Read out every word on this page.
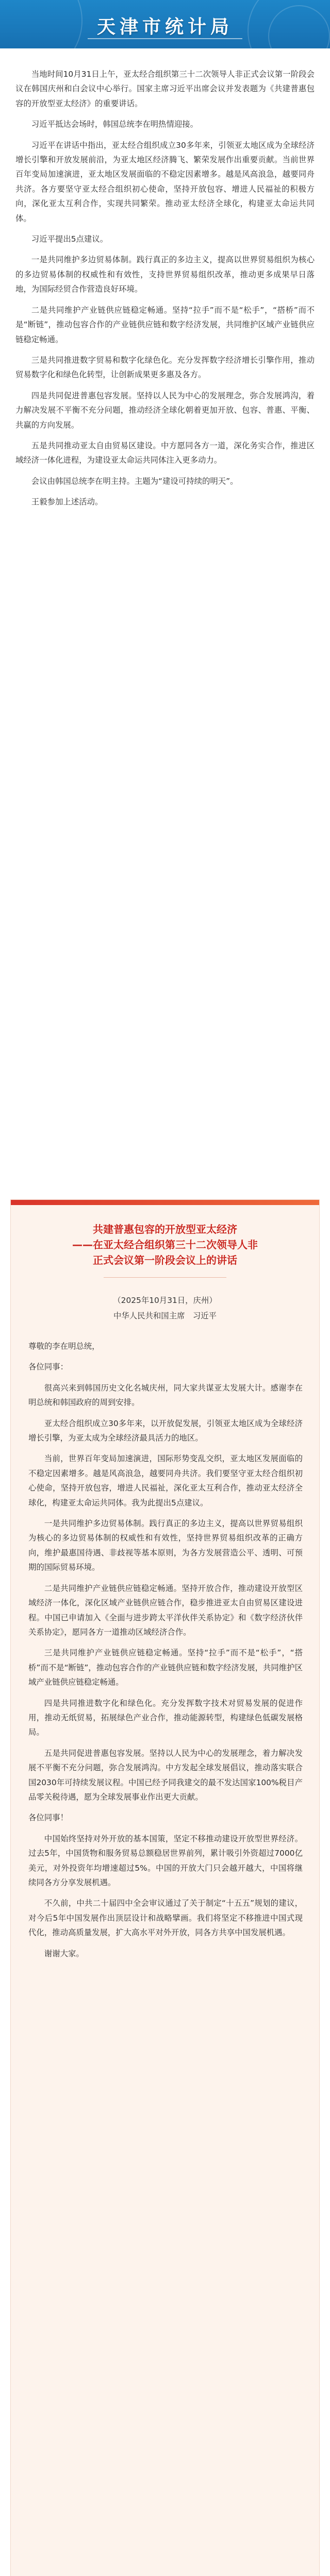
天津市统计局

当地时间10月31日上午，亚太经合组织第三十二次领导人非正式会议第一阶段会议在韩国庆州和白会议中心举行。国家主席习近平出席会议并发表题为《共建普惠包容的开放型亚太经济》的重要讲话。

习近平抵达会场时，韩国总统李在明热情迎接。

习近平在讲话中指出，亚太经合组织成立30多年来，引领亚太地区成为全球经济增长引擎和开放发展前沿，为亚太地区经济腾飞、繁荣发展作出重要贡献。当前世界百年变局加速演进，亚太地区发展面临的不稳定因素增多。越是风高浪急，越要同舟共济。各方要坚守亚太经合组织初心使命，坚持开放包容、增进人民福祉的积极方向，深化亚太互利合作，实现共同繁荣。推动亚太经济全球化，构建亚太命运共同体。

习近平提出5点建议。

一是共同维护多边贸易体制。践行真正的多边主义，提高以世界贸易组织为核心的多边贸易体制的权威性和有效性，支持世界贸易组织改革，推动更多成果早日落地，为国际经贸合作营造良好环境。

二是共同维护产业链供应链稳定畅通。坚持“拉手”而不是“松手”，“搭桥”而不是“断链”，推动包容合作的产业链供应链和数字经济发展，共同维护区域产业链供应链稳定畅通。

三是共同推进数字贸易和数字化绿色化。充分发挥数字经济增长引擎作用，推动贸易数字化和绿色化转型，让创新成果更多惠及各方。

四是共同促进普惠包容发展。坚持以人民为中心的发展理念，弥合发展鸿沟，着力解决发展不平衡不充分问题，推动经济全球化朝着更加开放、包容、普惠、平衡、共赢的方向发展。

五是共同推动亚太自由贸易区建设。中方愿同各方一道，深化务实合作，推进区域经济一体化进程，为建设亚太命运共同体注入更多动力。

会议由韩国总统李在明主持。主题为“建设可持续的明天”。

王毅参加上述活动。

共建普惠包容的开放型亚太经济
——在亚太经合组织第三十二次领导人非
正式会议第一阶段会议上的讲话
（2025年10月31日，庆州）
中华人民共和国主席　习近平

尊敬的李在明总统，

各位同事：

很高兴来到韩国历史文化名城庆州，同大家共谋亚太发展大计。感谢李在明总统和韩国政府的周到安排。

亚太经合组织成立30多年来，以开放促发展，引领亚太地区成为全球经济增长引擎，为亚太成为全球经济最具活力的地区。

当前，世界百年变局加速演进，国际形势变乱交织，亚太地区发展面临的不稳定因素增多。越是风高浪急，越要同舟共济。我们要坚守亚太经合组织初心使命，坚持开放包容，增进人民福祉，深化亚太互利合作，推动亚太经济全球化，构建亚太命运共同体。我为此提出5点建议。

一是共同维护多边贸易体制。践行真正的多边主义，提高以世界贸易组织为核心的多边贸易体制的权威性和有效性，坚持世界贸易组织改革的正确方向，维护最惠国待遇、非歧视等基本原则，为各方发展营造公平、透明、可预期的国际贸易环境。

二是共同维护产业链供应链稳定畅通。坚持开放合作，推动建设开放型区域经济一体化，深化区域产业链供应链合作，稳步推进亚太自由贸易区建设进程。中国已申请加入《全面与进步跨太平洋伙伴关系协定》和《数字经济伙伴关系协定》，愿同各方一道推动区域经济合作。

三是共同维护产业链供应链稳定畅通。坚持“拉手”而不是“松手”，“搭桥”而不是“断链”，推动包容合作的产业链供应链和数字经济发展，共同维护区域产业链供应链稳定畅通。

四是共同推进数字化和绿色化。充分发挥数字技术对贸易发展的促进作用，推动无纸贸易，拓展绿色产业合作，推动能源转型，构建绿色低碳发展格局。

五是共同促进普惠包容发展。坚持以人民为中心的发展理念，着力解决发展不平衡不充分问题，弥合发展鸿沟。中方发起全球发展倡议，推动落实联合国2030年可持续发展议程。中国已经予同我建交的最不发达国家100%税目产品零关税待遇，愿为全球发展事业作出更大贡献。

各位同事！

中国始终坚持对外开放的基本国策，坚定不移推动建设开放型世界经济。过去5年，中国货物和服务贸易总额稳居世界前列，累计吸引外资超过7000亿美元，对外投资年均增速超过5%。中国的开放大门只会越开越大，中国将继续同各方分享发展机遇。

不久前，中共二十届四中全会审议通过了关于制定“十五五”规划的建议，对今后5年中国发展作出顶层设计和战略擘画。我们将坚定不移推进中国式现代化，推动高质量发展，扩大高水平对外开放，同各方共享中国发展机遇。

谢谢大家。
